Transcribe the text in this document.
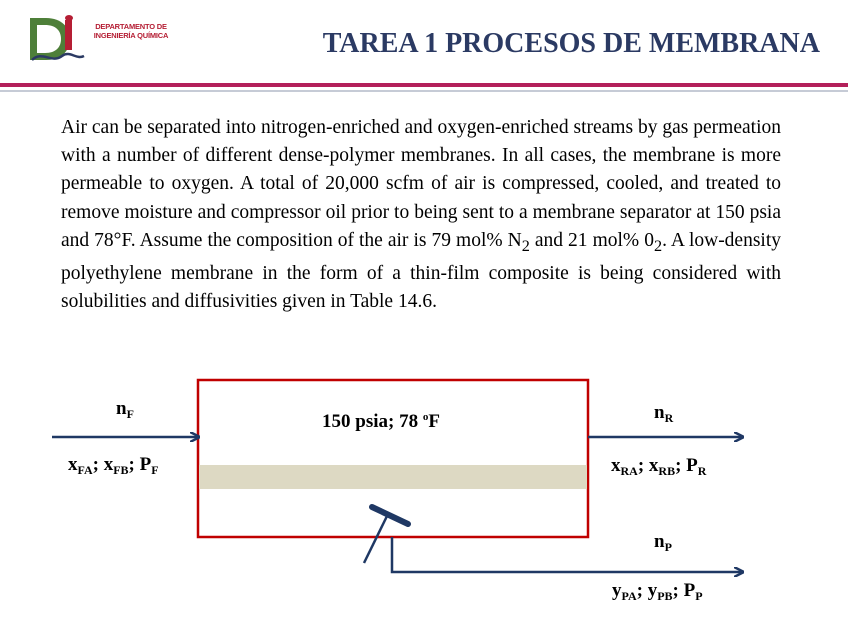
DEPARTAMENTO DE INGENIERÍA QUÍMICA	TAREA 1 PROCESOS DE MEMBRANA
Air can be separated into nitrogen-enriched and oxygen-enriched streams by gas permeation with a number of different dense-polymer membranes. In all cases, the membrane is more permeable to oxygen. A total of 20,000 scfm of air is compressed, cooled, and treated to remove moisture and compressor oil prior to being sent to a membrane separator at 150 psia and 78°F. Assume the composition of the air is 79 mol% $N_2$ and 21 mol% $0_2$. A low-density polyethylene membrane in the form of a thin-film composite is being considered with solubilities and diffusivities given in Table 14.6.
150 psia; 78 $^o$F
$n_F$
$x_{FA}$; $x_{FB}$; $P_F$
$n_R$
$x_{RA}$; $x_{RB}$; $P_R$
$n_P$
$y_{PA}$; $y_{PB}$; $P_P$
